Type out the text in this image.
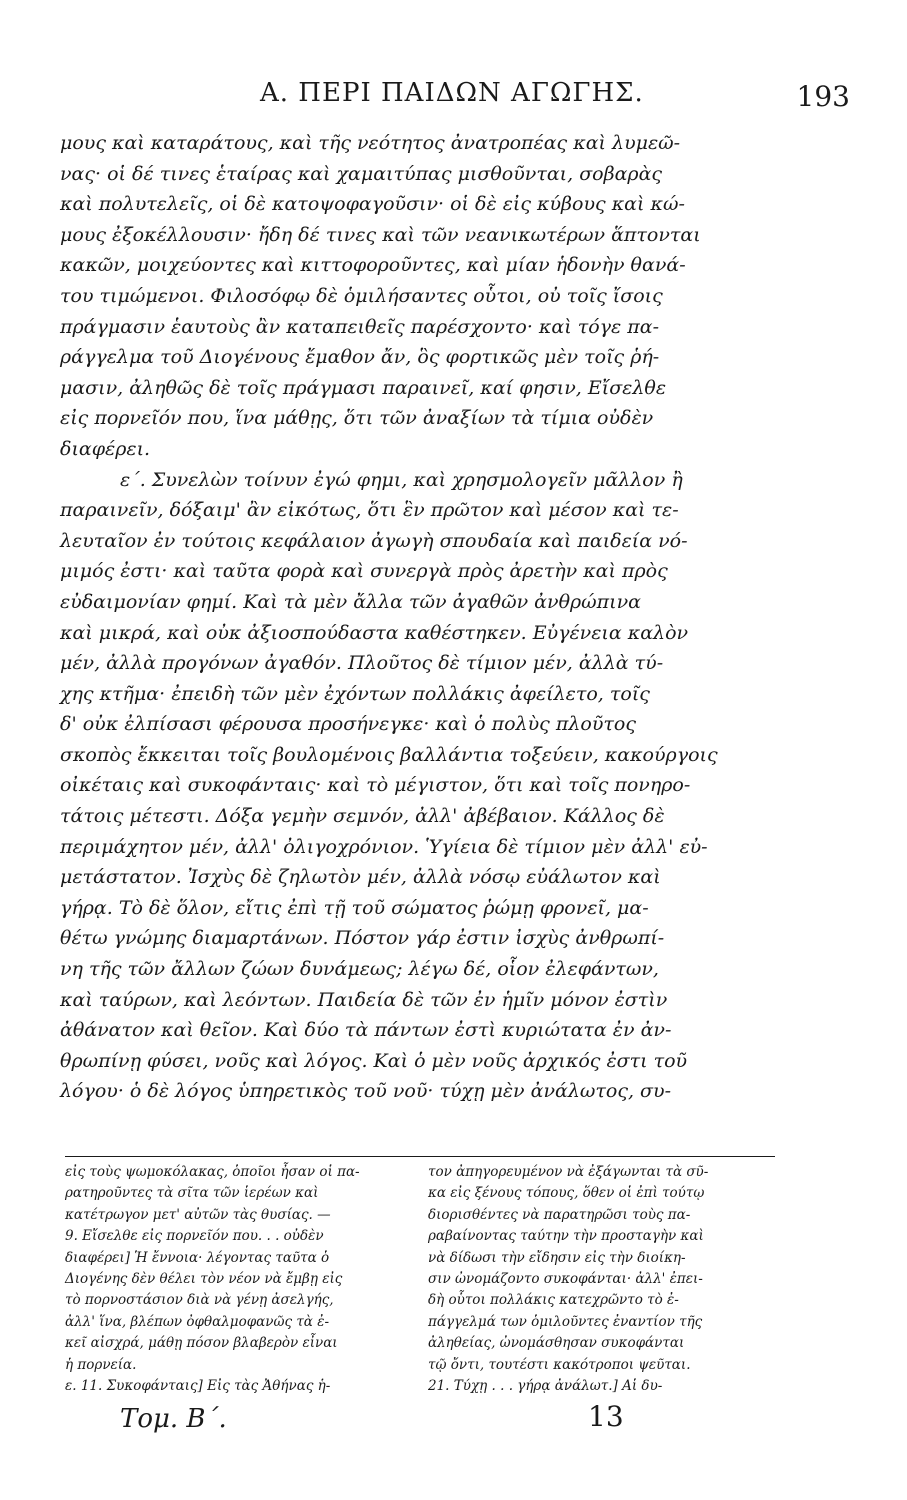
Α. ΠΕΡΙ ΠΑΙΔΩΝ ΑΓΩΓΗΣ.	193
μους καὶ καταράτους, καὶ τῆς νεότητος ἀνατροπέας καὶ λυμεῶ-
νας· οἱ δέ τινες ἑταίρας καὶ χαμαιτύπας μισθοῦνται, σοβαρὰς
καὶ πολυτελεῖς, οἱ δὲ κατοψοφαγοῦσιν· οἱ δὲ εἰς κύβους καὶ κώ-
μους ἐξοκέλλουσιν· ἤδη δέ τινες καὶ τῶν νεανικωτέρων ἅπτονται
κακῶν, μοιχεύοντες καὶ κιττοφοροῦντες, καὶ μίαν ἡδονὴν θανά-
του τιμώμενοι. Φιλοσόφῳ δὲ ὁμιλήσαντες οὗτοι, οὐ τοῖς ἴσοις
πράγμασιν ἑαυτοὺς ἂν καταπειθεῖς παρέσχοντο· καὶ τόγε πα-
ράγγελμα τοῦ Διογένους ἔμαθον ἄν, ὃς φορτικῶς μὲν τοῖς ῥή-
μασιν, ἀληθῶς δὲ τοῖς πράγμασι παραινεῖ, καί φησιν, Εἴσελθε
εἰς πορνεῖόν που, ἵνα μάθῃς, ὅτι τῶν ἀναξίων τὰ τίμια οὐδὲν
διαφέρει.
ε΄. Συνελὼν τοίνυν ἐγώ φημι, καὶ χρησμολογεῖν μᾶλλον ἢ
παραινεῖν, δόξαιμ' ἂν εἰκότως, ὅτι ἓν πρῶτον καὶ μέσον καὶ τε-
λευταῖον ἐν τούτοις κεφάλαιον ἀγωγὴ σπουδαία καὶ παιδεία νό-
μιμός ἐστι· καὶ ταῦτα φορὰ καὶ συνεργὰ πρὸς ἀρετὴν καὶ πρὸς
εὐδαιμονίαν φημί. Καὶ τὰ μὲν ἄλλα τῶν ἀγαθῶν ἀνθρώπινα
καὶ μικρά, καὶ οὐκ ἀξιοσπούδαστα καθέστηκεν. Εὐγένεια καλὸν
μέν, ἀλλὰ προγόνων ἀγαθόν. Πλοῦτος δὲ τίμιον μέν, ἀλλὰ τύ-
χης κτῆμα· ἐπειδὴ τῶν μὲν ἐχόντων πολλάκις ἀφείλετο, τοῖς
δ' οὐκ ἐλπίσασι φέρουσα προσήνεγκε· καὶ ὁ πολὺς πλοῦτος
σκοπὸς ἔκκειται τοῖς βουλομένοις βαλλάντια τοξεύειν, κακούργοις
οἰκέταις καὶ συκοφάνταις· καὶ τὸ μέγιστον, ὅτι καὶ τοῖς πονηρο-
τάτοις μέτεστι. Δόξα γεμὴν σεμνόν, ἀλλ' ἀβέβαιον. Κάλλος δὲ
περιμάχητον μέν, ἀλλ' ὀλιγοχρόνιον. Ὑγίεια δὲ τίμιον μὲν ἀλλ' εὐ-
μετάστατον. Ἰσχὺς δὲ ζηλωτὸν μέν, ἀλλὰ νόσῳ εὐάλωτον καὶ
γήρᾳ. Τὸ δὲ ὅλον, εἴτις ἐπὶ τῇ τοῦ σώματος ῥώμῃ φρονεῖ, μα-
θέτω γνώμης διαμαρτάνων. Πόστον γάρ ἐστιν ἰσχὺς ἀνθρωπί-
νη τῆς τῶν ἄλλων ζώων δυνάμεως; λέγω δέ, οἷον ἐλεφάντων,
καὶ ταύρων, καὶ λεόντων. Παιδεία δὲ τῶν ἐν ἡμῖν μόνον ἐστὶν
ἀθάνατον καὶ θεῖον. Καὶ δύο τὰ πάντων ἐστὶ κυριώτατα ἐν ἀν-
θρωπίνῃ φύσει, νοῦς καὶ λόγος. Καὶ ὁ μὲν νοῦς ἀρχικός ἐστι τοῦ
λόγου· ὁ δὲ λόγος ὑπηρετικὸς τοῦ νοῦ· τύχῃ μὲν ἀνάλωτος, συ-
εἰς τοὺς ψωμοκόλακας, ὁποῖοι ἦσαν οἱ πα-
ρατηροῦντες τὰ σῖτα τῶν ἱερέων καὶ
κατέτρωγον μετ' αὐτῶν τὰς θυσίας. —
9. Εἴσελθε εἰς πορνεῖόν που. . . οὐδὲν
διαφέρει] Ἡ ἔννοια· λέγοντας ταῦτα ὁ
Διογένης δὲν θέλει τὸν νέον νὰ ἔμβῃ εἰς
τὸ πορνοστάσιον διὰ νὰ γένῃ ἀσελγής,
ἀλλ' ἵνα, βλέπων ὀφθαλμοφανῶς τὰ ἐ-
κεῖ αἰσχρά, μάθῃ πόσον βλαβερὸν εἶναι
ἡ πορνεία.
ε. 11. Συκοφάνταις] Εἰς τὰς Ἀθήνας ἡ-
τον ἀπηγορευμένον νὰ ἐξάγωνται τὰ σῦ-
κα εἰς ξένους τόπους, ὅθεν οἱ ἐπὶ τούτῳ
διορισθέντες νὰ παρατηρῶσι τοὺς πα-
ραβαίνοντας ταύτην τὴν προσταγὴν καὶ
νὰ δίδωσι τὴν εἴδησιν εἰς τὴν διοίκη-
σιν ὠνομάζοντο συκοφάνται· ἀλλ' ἐπει-
δὴ οὗτοι πολλάκις κατεχρῶντο τὸ ἐ-
πάγγελμά των ὁμιλοῦντες ἐναντίον τῆς
ἀληθείας, ὠνομάσθησαν συκοφάνται
τῷ ὄντι, τουτέστι κακότροποι ψεῦται.
21. Τύχῃ . . . γήρᾳ ἀνάλωτ.] Αἱ δυ-
Τομ. Β΄.	13
